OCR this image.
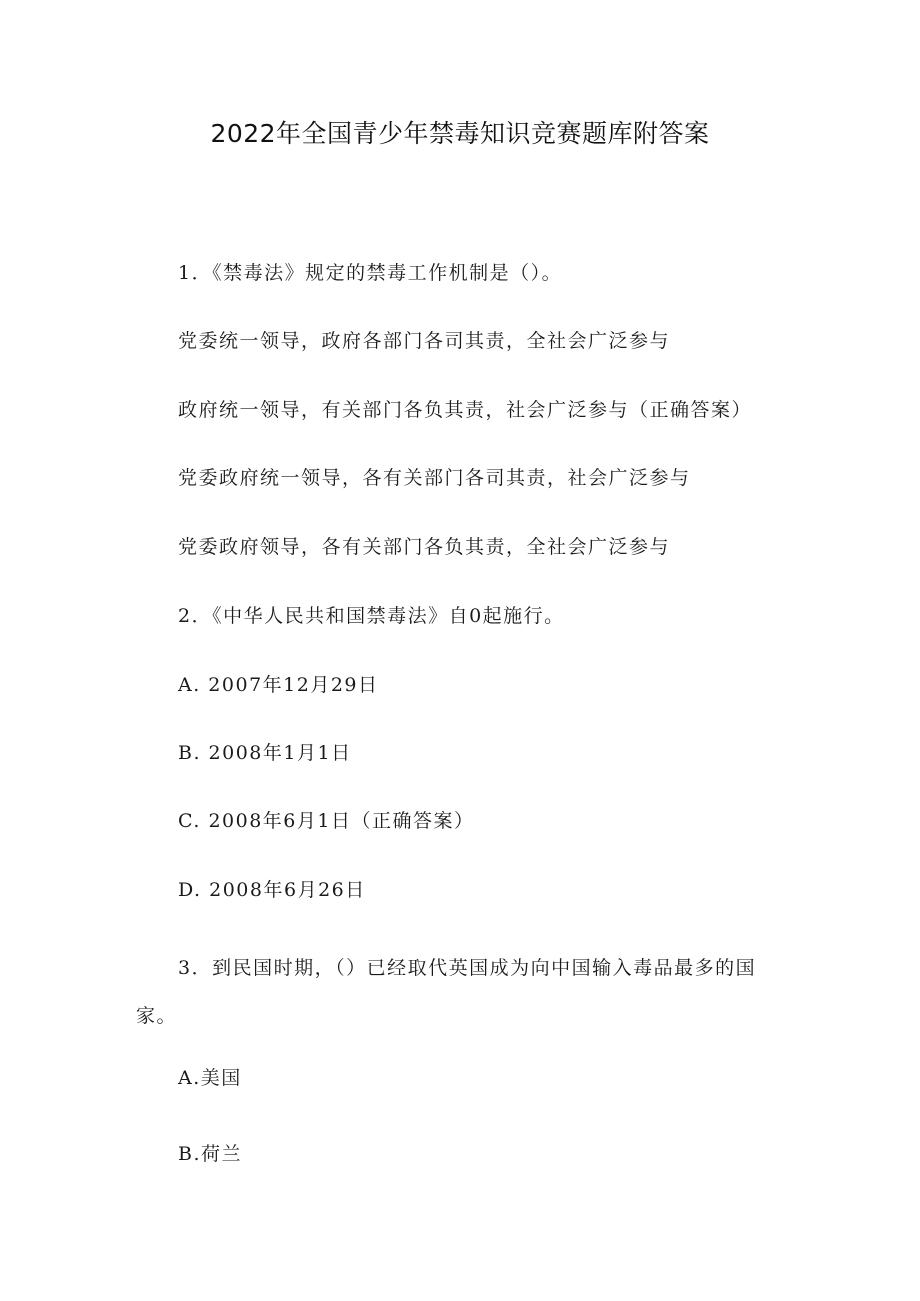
2022年全国青少年禁毒知识竞赛题库附答案

1．《禁毒法》规定的禁毒工作机制是（）。

党委统一领导，政府各部门各司其责，全社会广泛参与

政府统一领导，有关部门各负其责，社会广泛参与（正确答案）

党委政府统一领导，各有关部门各司其责，社会广泛参与

党委政府领导，各有关部门各负其责，全社会广泛参与

2．《中华人民共和国禁毒法》自0起施行。

A. 2007年12月29日

B. 2008年1月1日

C. 2008年6月1日（正确答案）

D. 2008年6月26日

3．到民国时期，（）已经取代英国成为向中国输入毒品最多的国家。

A.美国

B.荷兰
